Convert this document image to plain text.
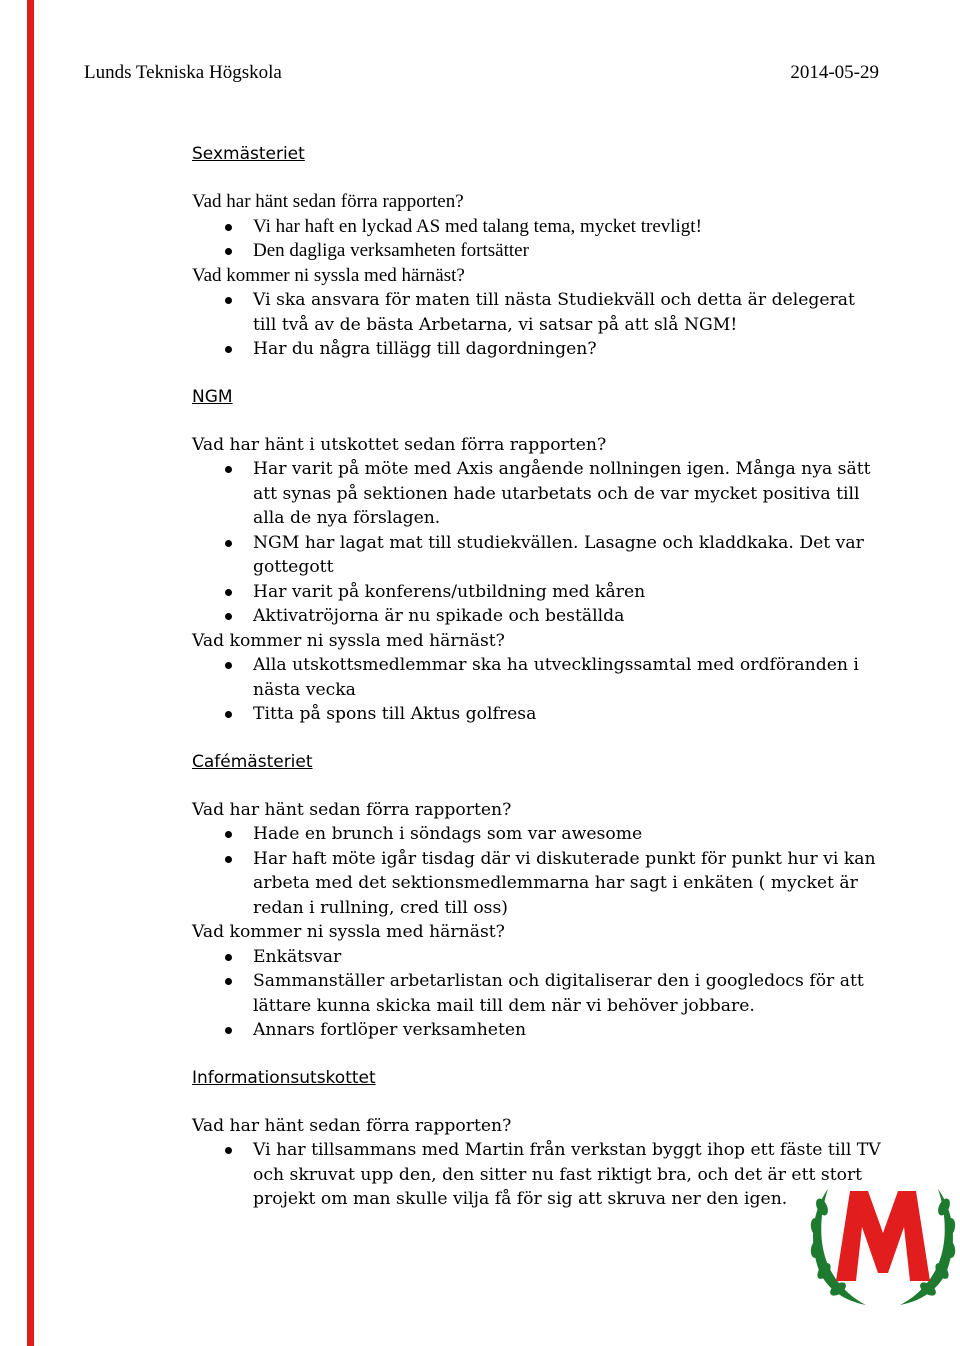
Lunds Tekniska Högskola	2014-05-29
Sexmästeriet
Vad har hänt sedan förra rapporten?
Vi har haft en lyckad AS med talang tema, mycket trevligt!
Den dagliga verksamheten fortsätter
Vad kommer ni syssla med härnäst?
Vi ska ansvara för maten till nästa Studiekväll och detta är delegerat till två av de bästa Arbetarna, vi satsar på att slå NGM!
Har du några tillägg till dagordningen?
NGM
Vad har hänt i utskottet sedan förra rapporten?
Har varit på möte med Axis angående nollningen igen. Många nya sätt att synas på sektionen hade utarbetats och de var mycket positiva till alla de nya förslagen.
NGM har lagat mat till studiekvällen. Lasagne och kladdkaka. Det var gottegott
Har varit på konferens/utbildning med kåren
Aktivatröjorna är nu spikade och beställda
Vad kommer ni syssla med härnäst?
Alla utskottsmedlemmar ska ha utvecklingssamtal med ordföranden i nästa vecka
Titta på spons till Aktus golfresa
Cafémästeriet
Vad har hänt sedan förra rapporten?
Hade en brunch i söndags som var awesome
Har haft möte igår tisdag där vi diskuterade punkt för punkt hur vi kan arbeta med det sektionsmedlemmarna har sagt i enkäten ( mycket är redan i rullning, cred till oss)
Vad kommer ni syssla med härnäst?
Enkätsvar
Sammanställer arbetarlistan och digitaliserar den i googledocs för att lättare kunna skicka mail till dem när vi behöver jobbare.
Annars fortlöper verksamheten
Informationsutskottet
Vad har hänt sedan förra rapporten?
Vi har tillsammans med Martin från verkstan byggt ihop ett fäste till TV och skruvat upp den, den sitter nu fast riktigt bra, och det är ett stort projekt om man skulle vilja få för sig att skruva ner den igen.
